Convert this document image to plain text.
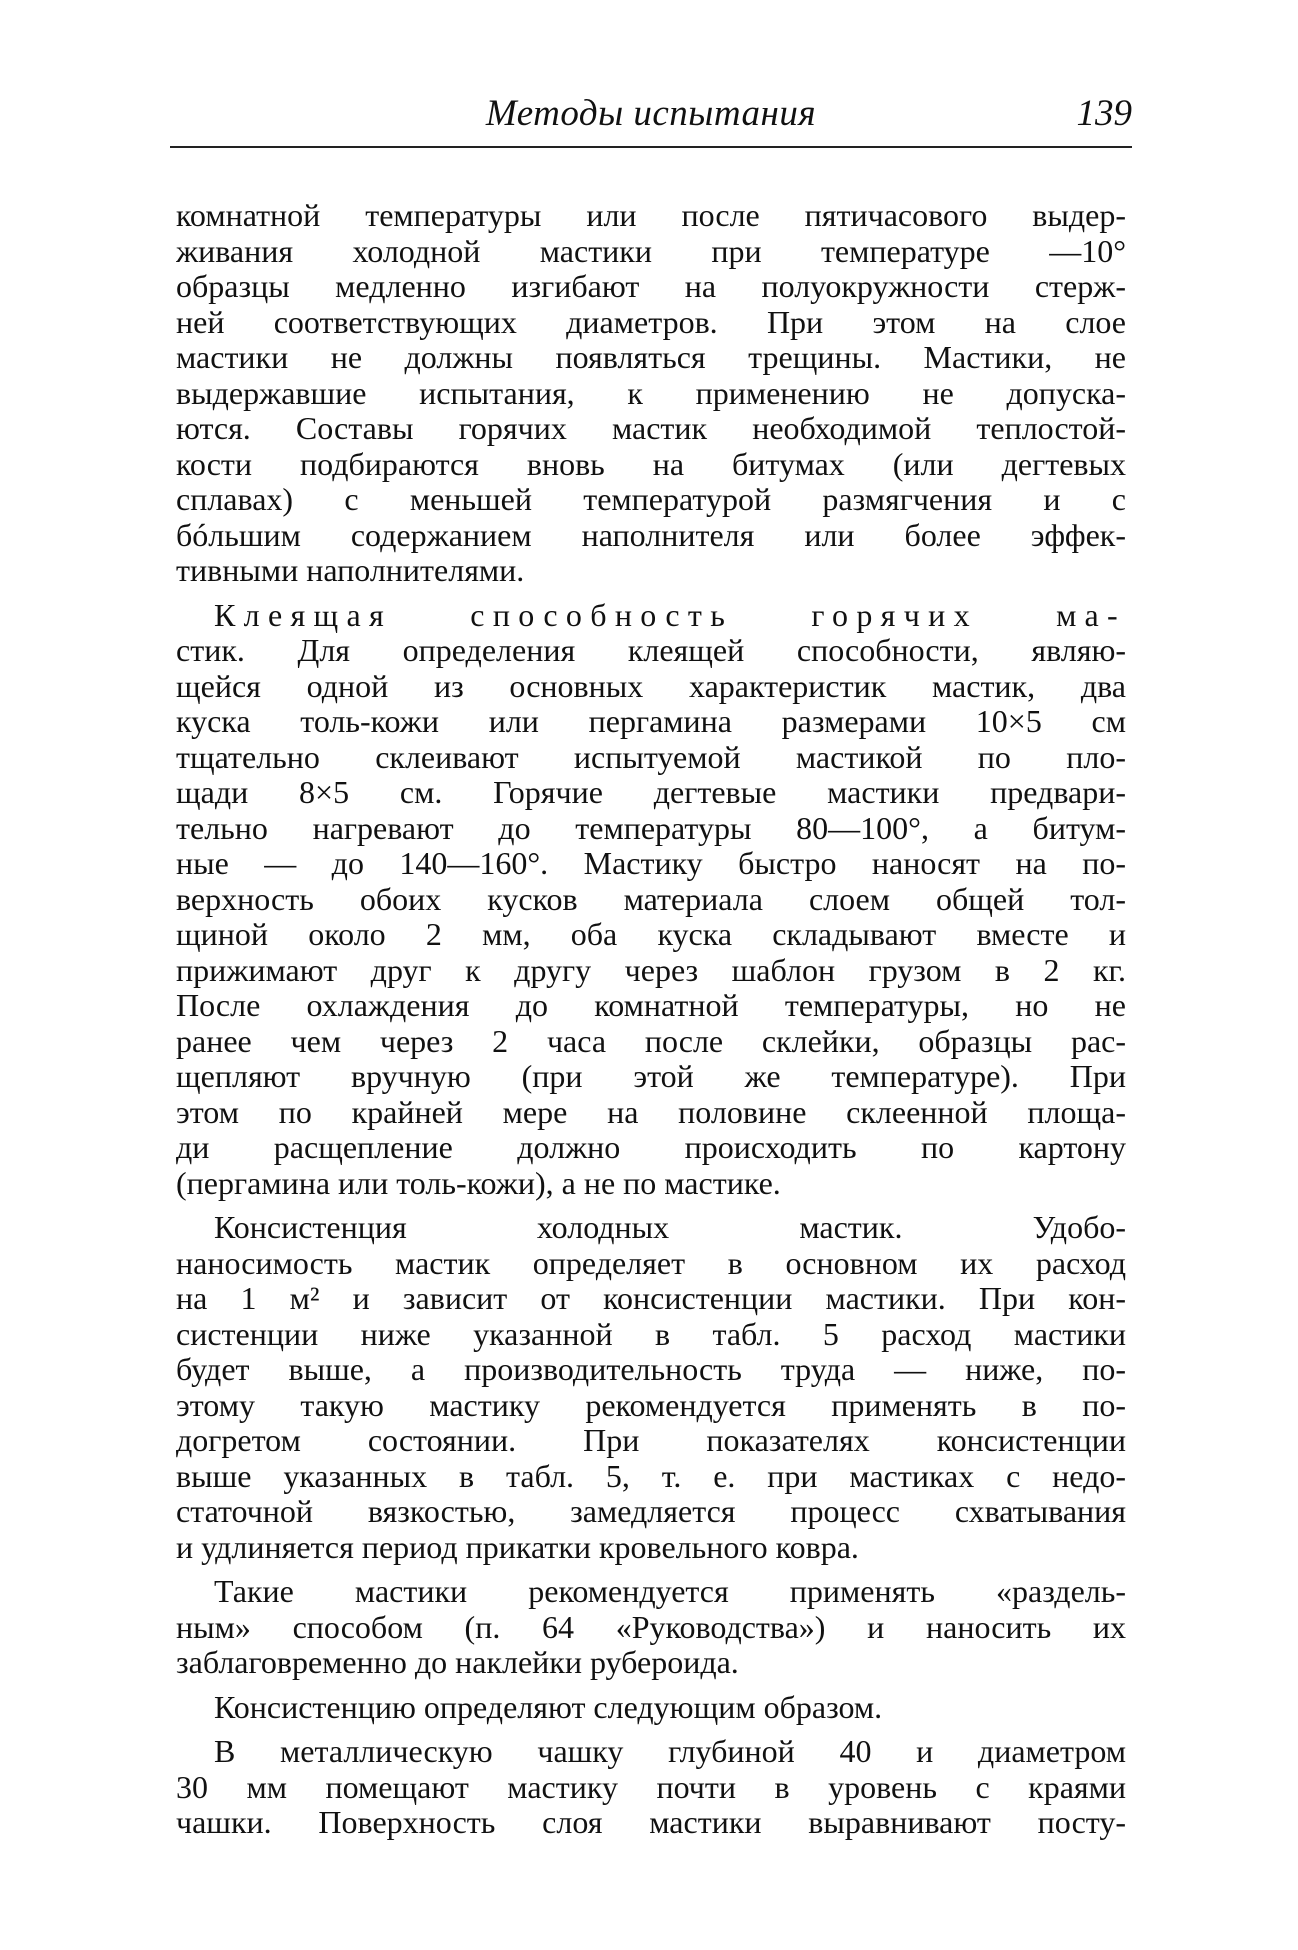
Методы испытания	139
комнатной температуры или после пятичасового выдер-
живания холодной мастики при температуре —10°
образцы медленно изгибают на полуокружности стерж-
ней соответствующих диаметров. При этом на слое
мастики не должны появляться трещины. Мастики, не
выдержавшие испытания, к применению не допуска-
ются. Составы горячих мастик необходимой теплостой-
кости подбираются вновь на битумах (или дегтевых
сплавах) с меньшей температурой размягчения и с
бóльшим содержанием наполнителя или более эффек-
тивными наполнителями.
Клеящая способность горячих ма-
стик. Для определения клеящей способности, являю-
щейся одной из основных характеристик мастик, два
куска толь-кожи или пергамина размерами 10×5 см
тщательно склеивают испытуемой мастикой по пло-
щади 8×5 см. Горячие дегтевые мастики предвари-
тельно нагревают до температуры 80—100°, а битум-
ные — до 140—160°. Мастику быстро наносят на по-
верхность обоих кусков материала слоем общей тол-
щиной около 2 мм, оба куска складывают вместе и
прижимают друг к другу через шаблон грузом в 2 кг.
После охлаждения до комнатной температуры, но не
ранее чем через 2 часа после склейки, образцы рас-
щепляют вручную (при этой же температуре). При
этом по крайней мере на половине склеенной площа-
ди расщепление должно происходить по картону
(пергамина или толь-кожи), а не по мастике.
Консистенция холодных мастик. Удобо-
наносимость мастик определяет в основном их расход
на 1 м² и зависит от консистенции мастики. При кон-
систенции ниже указанной в табл. 5 расход мастики
будет выше, а производительность труда — ниже, по-
этому такую мастику рекомендуется применять в по-
догретом состоянии. При показателях консистенции
выше указанных в табл. 5, т. е. при мастиках с недо-
статочной вязкостью, замедляется процесс схватывания
и удлиняется период прикатки кровельного ковра.
Такие мастики рекомендуется применять «раздель-
ным» способом (п. 64 «Руководства») и наносить их
заблаговременно до наклейки рубероида.
Консистенцию определяют следующим образом.
В металлическую чашку глубиной 40 и диаметром
30 мм помещают мастику почти в уровень с краями
чашки. Поверхность слоя мастики выравнивают посту-
